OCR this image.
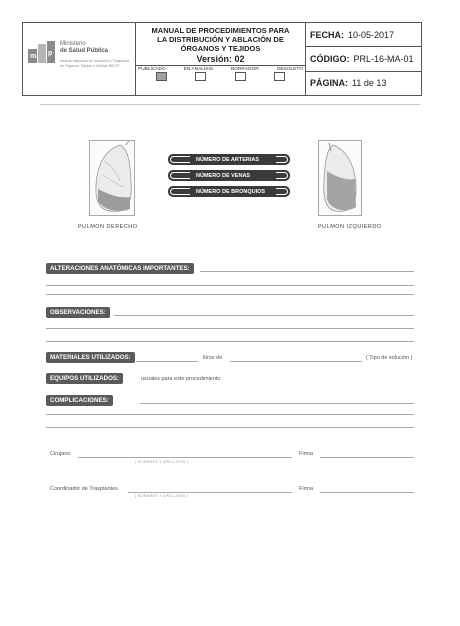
m p
Ministerio
de Salud Pública
Instituto Nacional de Donación y Trasplante de Órganos, Tejidos y Células INDOT
MANUAL DE PROCEDIMIENTOS PARA
LA DISTRIBUCIÓN Y ABLACIÓN DE
ÓRGANOS Y TEJIDOS
Versión: 02
PUBLICADO	EN ANALISIS	BORRADOR	OBSOLETO
FECHA: 10-05-2017
CÓDIGO: PRL-16-MA-01
PÁGINA: 11 de 13
PULMON DERECHO	PULMON IZQUIERDO
NÚMERO DE ARTERIAS
NÚMERO DE VENAS
NÚMERO DE BRONQUIOS
ALTERACIONES ANATÓMICAS IMPORTANTES:
OBSERVACIONES:
MATERIALES UTILIZADOS:	litros de	( Tipo de solución )
EQUIPOS UTILIZADOS:	usuales para este procedimiento
COMPLICACIONES:
Cirujano
( NOMBRES Y APELLIDOS )
Firma
Coordinador de Trasplantes
( NOMBRES Y APELLIDOS )
Firma
